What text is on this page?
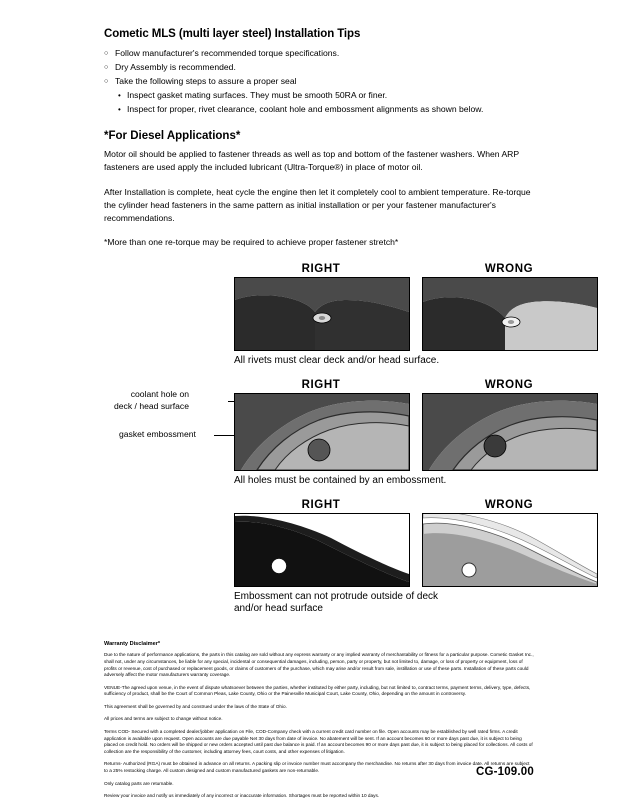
Cometic MLS (multi layer steel) Installation Tips
○ Follow manufacturer's recommended torque specifications.
○ Dry Assembly is recommended.
○ Take the following steps to assure a proper seal
• Inspect gasket mating surfaces. They must be smooth 50RA or finer.
• Inspect for proper, rivet clearance, coolant hole and embossment alignments as shown below.
*For Diesel Applications*

Motor oil should be applied to fastener threads as well as top and bottom of the fastener washers. When ARP fasteners are used apply the included lubricant (Ultra-Torque®) in place of motor oil.

After Installation is complete, heat cycle the engine then let it completely cool to ambient temperature. Re-torque the cylinder head fasteners in the same pattern as initial installation or per your fastener manufacturer's recommendations.

*More than one re-torque may be required to achieve proper fastener stretch*

RIGHT	WRONG
All rivets must clear deck and/or head surface.
coolant hole on
deck / head surface
gasket embossment
RIGHT	WRONG
All holes must be contained by an embossment.
RIGHT	WRONG
Embossment can not protrude outside of deck
and/or head surface
Warranty Disclaimer*

Due to the nature of performance applications, the parts in this catalog are sold without any express warranty or any implied warranty of merchantability or fitness for a particular purpose. Cometic Gasket Inc., shall not, under any circumstances, be liable for any special, incidental or consequential damages, including, person, party or property, but not limited to, damage, or loss of property or equipment, loss of profits or revenue, cost of purchased or replacement goods, or claims of customers of the purchase, which may arise and/or result from sale, instillation or use of these parts. Installation of these parts could adversely affect the motor manufacturers warranty coverage.

VENUE-The agreed upon venue, in the event of dispute whatsoever between the parties, whether instituted by either party, including, but not limited to, contract terms, payment terms, delivery, type, defects, sufficiency of product, shall be the Court of Common Pleas, Lake County, Ohio or the Painesville Municipal Court, Lake County, Ohio, depending on the amount in controversy.

This agreement shall be governed by and construed under the laws of the State of Ohio.

All prices and terms are subject to change without notice.

Terms COD- Secured with a completed dealer/jobber application on File, COD-Company check with a current credit card number on file. Open accounts may be established by well rated firms. A credit application is available upon request. Open accounts are due payable Net 30 days from date of invoice. No abatement will be sent. If an account becomes 60 or more days past due, it is subject to being placed on credit hold. No orders will be shipped or new orders accepted until past due balance is paid. If an account becomes 90 or more days past due, it is subject to being placed for collections. All costs of collection are the responsibility of the customer, including attorney fees, court costs, and other expenses of litigation.

Returns- Authorized (RGA) must be obtained in advance on all returns. A packing slip or invoice number must accompany the merchandise. No returns after 30 days from invoice date. All returns are subject to a 25% restocking charge. All custom designed and custom manufactured gaskets are non-returnable.

Only catalog parts are returnable.

Review your invoice and notify us immediately of any incorrect or inaccurate information. Shortages must be reported within 10 days.

CG-109.00
